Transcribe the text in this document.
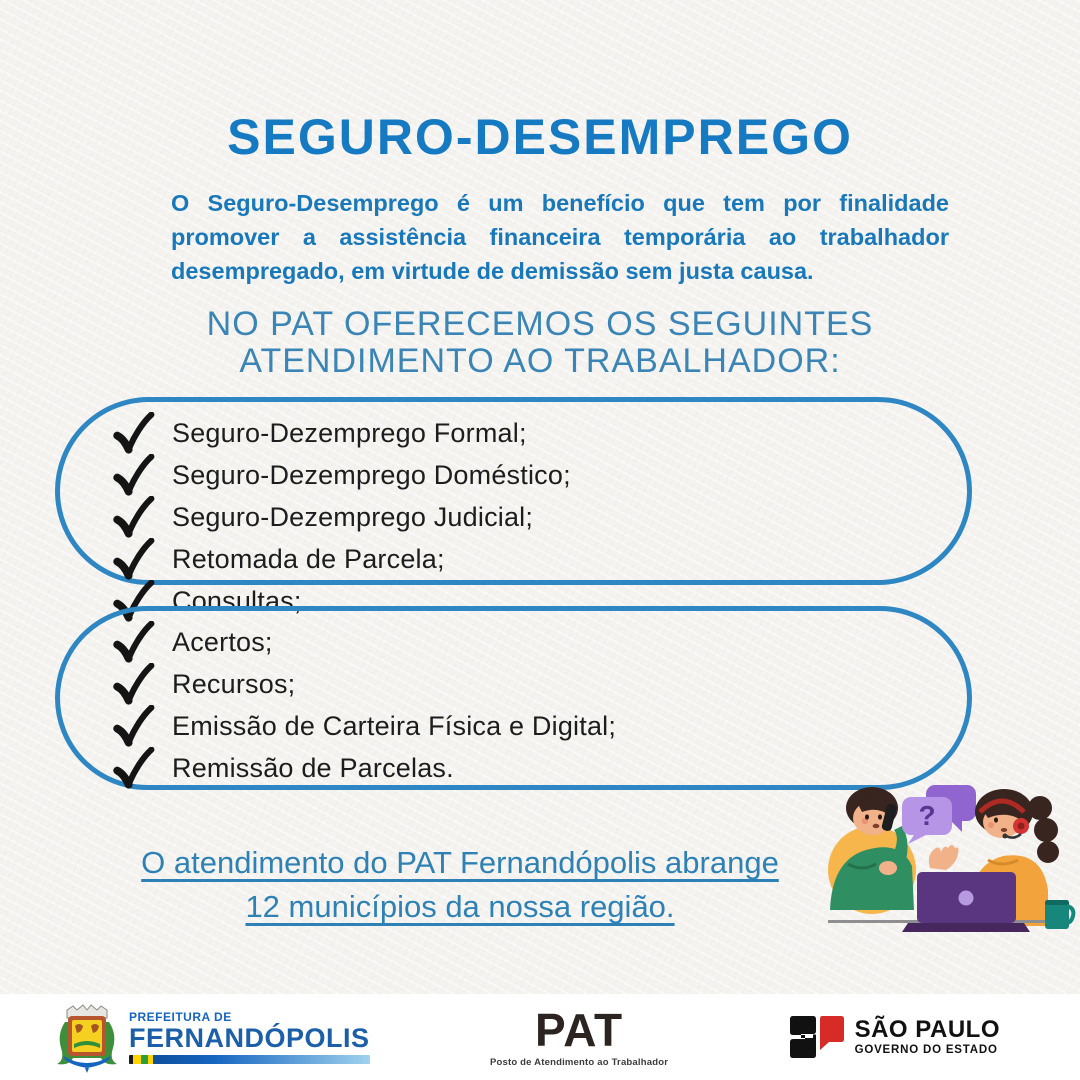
SEGURO-DESEMPREGO

O Seguro-Desemprego é um benefício que tem por finalidade promover a assistência financeira temporária ao trabalhador desempregado, em virtude de demissão sem justa causa.

NO PAT OFERECEMOS OS SEGUINTES
ATENDIMENTO AO TRABALHADOR:
Seguro-Dezemprego Formal;
Seguro-Dezemprego Doméstico;
Seguro-Dezemprego Judicial;
Retomada de Parcela;
Consultas;
Acertos;
Recursos;
Emissão de Carteira Física e Digital;
Remissão de Parcelas.
O atendimento do PAT Fernandópolis abrange 12 municípios da nossa região.
?
PREFEITURA DE
FERNANDÓPOLIS	PAT
Posto de Atendimento ao Trabalhador
SÃO PAULO
GOVERNO DO ESTADO
